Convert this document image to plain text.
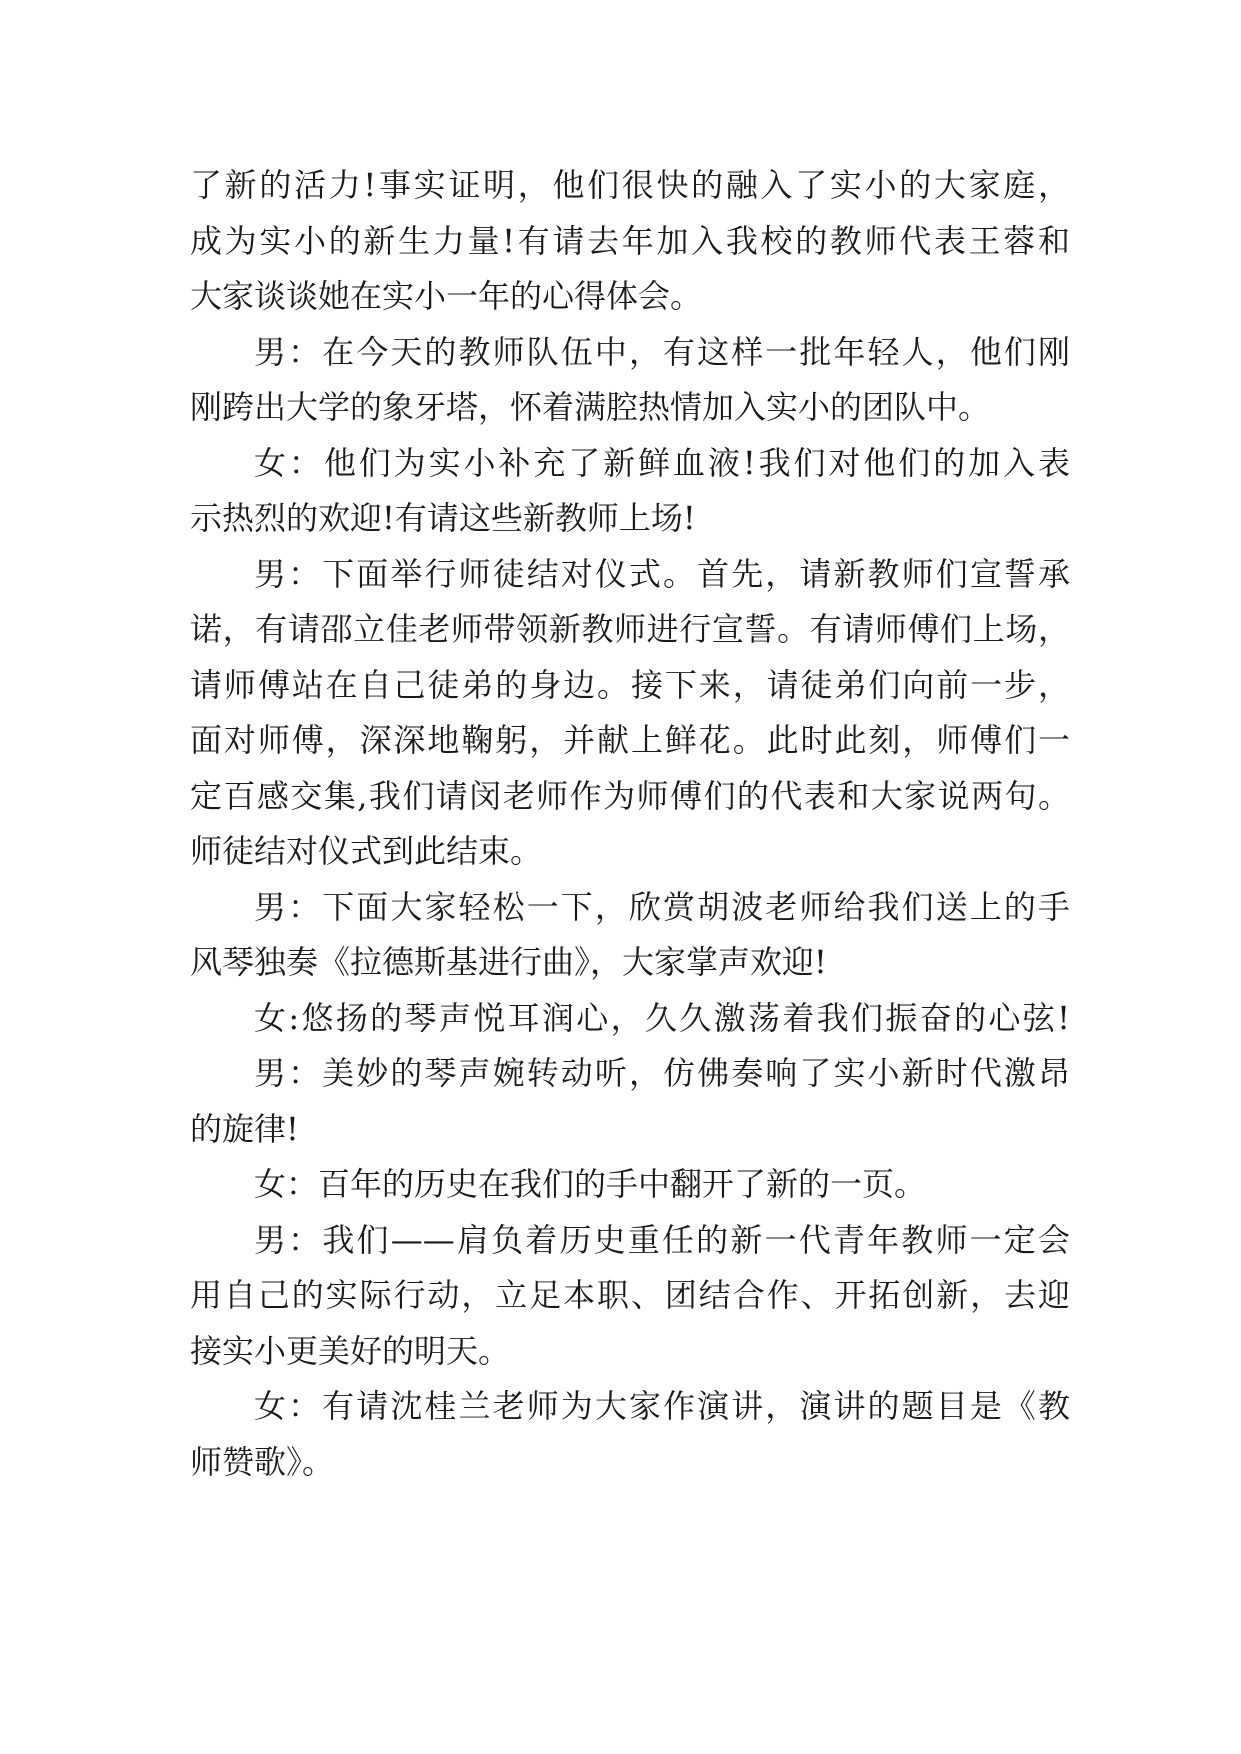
了新的活力!事实证明，他们很快的融入了实小的大家庭，
成为实小的新生力量!有请去年加入我校的教师代表王蓉和
大家谈谈她在实小一年的心得体会。
男：在今天的教师队伍中，有这样一批年轻人，他们刚
刚跨出大学的象牙塔，怀着满腔热情加入实小的团队中。
女：他们为实小补充了新鲜血液!我们对他们的加入表
示热烈的欢迎!有请这些新教师上场!
男：下面举行师徒结对仪式。首先，请新教师们宣誓承
诺，有请邵立佳老师带领新教师进行宣誓。有请师傅们上场，
请师傅站在自己徒弟的身边。接下来，请徒弟们向前一步，
面对师傅，深深地鞠躬，并献上鲜花。此时此刻，师傅们一
定百感交集,我们请闵老师作为师傅们的代表和大家说两句。
师徒结对仪式到此结束。
男：下面大家轻松一下，欣赏胡波老师给我们送上的手
风琴独奏《拉德斯基进行曲》，大家掌声欢迎!
女:悠扬的琴声悦耳润心，久久激荡着我们振奋的心弦!
男：美妙的琴声婉转动听，仿佛奏响了实小新时代激昂
的旋律!
女：百年的历史在我们的手中翻开了新的一页。
男：我们——肩负着历史重任的新一代青年教师一定会
用自己的实际行动，立足本职、团结合作、开拓创新，去迎
接实小更美好的明天。
女：有请沈桂兰老师为大家作演讲，演讲的题目是《教
师赞歌》。
